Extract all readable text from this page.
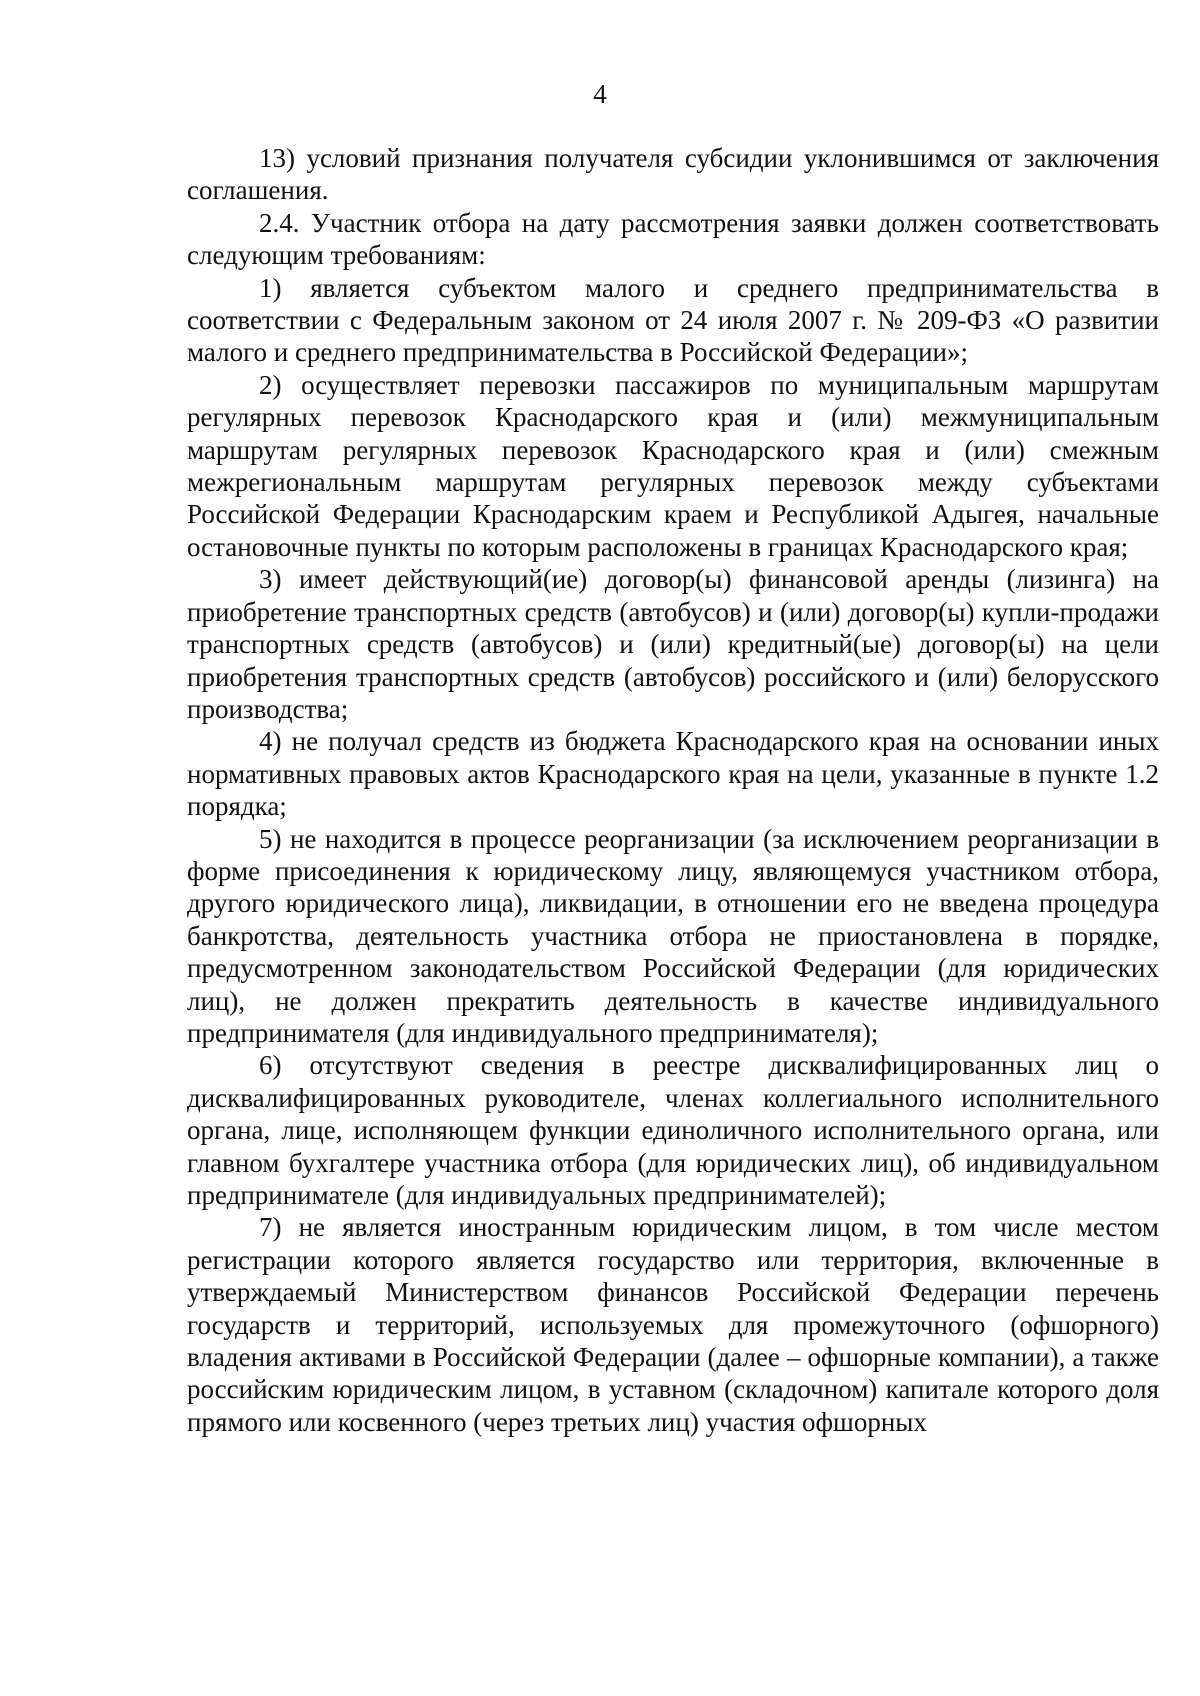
4

13) условий признания получателя субсидии уклонившимся от заключения соглашения.

2.4. Участник отбора на дату рассмотрения заявки должен соответствовать следующим требованиям:

1) является субъектом малого и среднего предпринимательства в соответствии с Федеральным законом от 24 июля 2007 г. № 209-ФЗ «О развитии малого и среднего предпринимательства в Российской Федерации»;

2) осуществляет перевозки пассажиров по муниципальным маршрутам регулярных перевозок Краснодарского края и (или) межмуниципальным маршрутам регулярных перевозок Краснодарского края и (или) смежным межрегиональным маршрутам регулярных перевозок между субъектами Российской Федерации Краснодарским краем и Республикой Адыгея, начальные остановочные пункты по которым расположены в границах Краснодарского края;

3) имеет действующий(ие) договор(ы) финансовой аренды (лизинга) на приобретение транспортных средств (автобусов) и (или) договор(ы) купли-продажи транспортных средств (автобусов) и (или) кредитный(ые) договор(ы) на цели приобретения транспортных средств (автобусов) российского и (или) белорусского производства;

4) не получал средств из бюджета Краснодарского края на основании иных нормативных правовых актов Краснодарского края на цели, указанные в пункте 1.2 порядка;

5) не находится в процессе реорганизации (за исключением реорганизации в форме присоединения к юридическому лицу, являющемуся участником отбора, другого юридического лица), ликвидации, в отношении его не введена процедура банкротства, деятельность участника отбора не приостановлена в порядке, предусмотренном законодательством Российской Федерации (для юридических лиц), не должен прекратить деятельность в качестве индивидуального предпринимателя (для индивидуального предпринимателя);

6) отсутствуют сведения в реестре дисквалифицированных лиц о дисквалифицированных руководителе, членах коллегиального исполнительного органа, лице, исполняющем функции единоличного исполнительного органа, или главном бухгалтере участника отбора (для юридических лиц), об индивидуальном предпринимателе (для индивидуальных предпринимателей);

7) не является иностранным юридическим лицом, в том числе местом регистрации которого является государство или территория, включенные в утверждаемый Министерством финансов Российской Федерации перечень государств и территорий, используемых для промежуточного (офшорного) владения активами в Российской Федерации (далее – офшорные компании), а также российским юридическим лицом, в уставном (складочном) капитале которого доля прямого или косвенного (через третьих лиц) участия офшорных
